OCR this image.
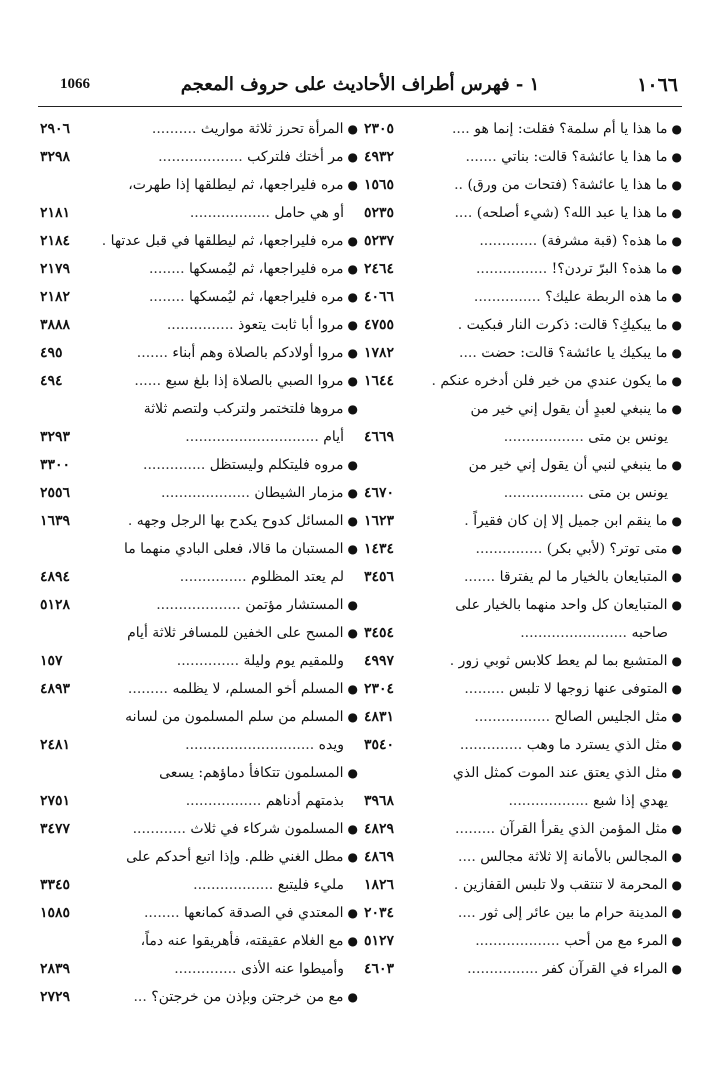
١٠٦٦
١ - فهرس أطراف الأحاديث على حروف المعجم
1066
●ما هذا يا أم سلمة؟ فقلت: إنما هو ....
٢٣٠٥
●ما هذا يا عائشة؟ قالت: بناتي .......
٤٩٣٢
●ما هذا يا عائشة؟ (فتحات من ورق) ..
١٥٦٥
●ما هذا يا عبد الله؟ (شيء أصلحه) ....
٥٢٣٥
●ما هذه؟ (قبة مشرفة) .............
٥٢٣٧
●ما هذه؟ البرّ تردن؟! ................
٢٤٦٤
●ما هذه الربطة عليك؟ ...............
٤٠٦٦
●ما يبكيكِ؟ قالت: ذكرت النار فبكيت .
٤٧٥٥
●ما يبكيك يا عائشة؟ قالت: حضت ....
١٧٨٢
●ما يكون عندي من خير فلن أدخره عنكم .
١٦٤٤
●ما ينبغي لعبدٍ أن يقول إني خير من
يونس بن متى ..................
٤٦٦٩
●ما ينبغي لنبي أن يقول إني خير من
يونس بن متى ..................
٤٦٧٠
●ما ينقم ابن جميل إلا إن كان فقيراً .
١٦٢٣
●متى توتر؟ (لأبي بكر) ...............
١٤٣٤
●المتبايعان بالخيار ما لم يفترقا .......
٣٤٥٦
●المتبايعان كل واحد منهما بالخيار على
صاحبه ........................
٣٤٥٤
●المتشبع بما لم يعط كلابس ثوبي زور .
٤٩٩٧
●المتوفى عنها زوجها لا تلبس .........
٢٣٠٤
●مثل الجليس الصالح .................
٤٨٣١
●مثل الذي يسترد ما وهب ..............
٣٥٤٠
●مثل الذي يعتق عند الموت كمثل الذي
يهدي إذا شبع ..................
٣٩٦٨
●مثل المؤمن الذي يقرأ القرآن .........
٤٨٢٩
●المجالس بالأمانة إلا ثلاثة مجالس ....
٤٨٦٩
●المحرمة لا تنتقب ولا تلبس القفازين .
١٨٢٦
●المدينة حرام ما بين عائر إلى ثور ....
٢٠٣٤
●المرء مع من أحب ...................
٥١٢٧
●المراء في القرآن كفر ................
٤٦٠٣
●المرأة تحرز ثلاثة مواريث ..........
٢٩٠٦
●مر أختك فلتركب ...................
٣٢٩٨
●مره فليراجعها، ثم ليطلقها إذا طهرت،
أو هي حامل ..................
٢١٨١
●مره فليراجعها، ثم ليطلقها في قبل عدتها .
٢١٨٤
●مره فليراجعها، ثم ليُمسكها ........
٢١٧٩
●مره فليراجعها، ثم ليُمسكها ........
٢١٨٢
●مروا أبا ثابت يتعوذ ...............
٣٨٨٨
●مروا أولادكم بالصلاة وهم أبناء .......
٤٩٥
●مروا الصبي بالصلاة إذا بلغ سبع ......
٤٩٤
●مروها فلتختمر ولتركب ولتصم ثلاثة
أيام ..............................
٣٢٩٣
●مروه فليتكلم وليستظل ..............
٣٣٠٠
●مزمار الشيطان ....................
٢٥٥٦
●المسائل كدوح يكدح بها الرجل وجهه .
١٦٣٩
●المستبان ما قالا، فعلى البادي منهما ما
لم يعتد المظلوم ...............
٤٨٩٤
●المستشار مؤتمن ...................
٥١٢٨
●المسح على الخفين للمسافر ثلاثة أيام
وللمقيم يوم وليلة ..............
١٥٧
●المسلم أخو المسلم، لا يظلمه .........
٤٨٩٣
●المسلم من سلم المسلمون من لسانه
ويده .............................
٢٤٨١
●المسلمون تتكافأ دماؤهم: يسعى
بذمتهم أدناهم .................
٢٧٥١
●المسلمون شركاء في ثلاث ............
٣٤٧٧
●مطل الغني ظلم. وإذا اتبع أحدكم على
مليء فليتبع ..................
٣٣٤٥
●المعتدي في الصدقة كمانعها ........
١٥٨٥
●مع الغلام عقيقته، فأهريقوا عنه دماً،
وأميطوا عنه الأذى ..............
٢٨٣٩
●مع من خرجتن وبإذن من خرجتن؟ ...
٢٧٢٩
